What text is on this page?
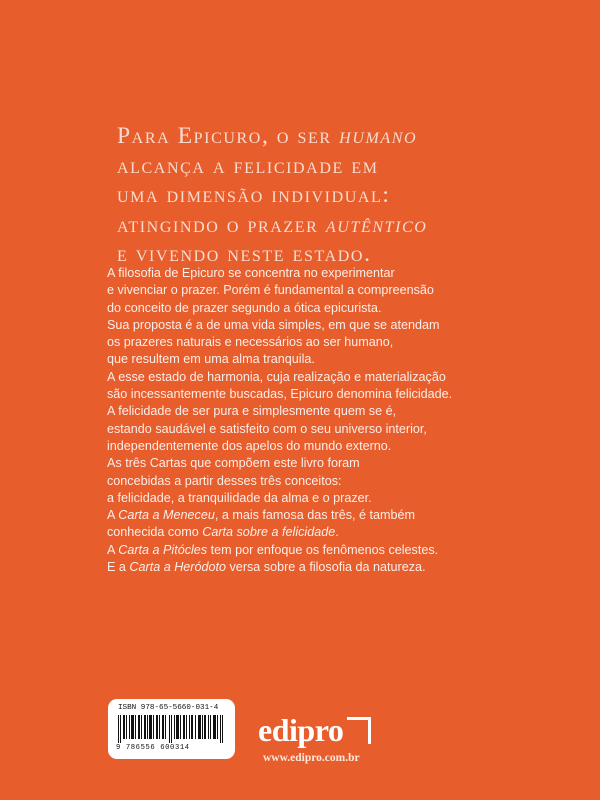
Para Epicuro, o ser humano
alcança a felicidade em
uma dimensão individual:
atingindo o prazer autêntico
e vivendo neste estado.
A filosofia de Epicuro se concentra no experimentar
e vivenciar o prazer. Porém é fundamental a compreensão
do conceito de prazer segundo a ótica epicurista.
Sua proposta é a de uma vida simples, em que se atendam
os prazeres naturais e necessários ao ser humano,
que resultem em uma alma tranquila.
A esse estado de harmonia, cuja realização e materialização
são incessantemente buscadas, Epicuro denomina felicidade.
A felicidade de ser pura e simplesmente quem se é,
estando saudável e satisfeito com o seu universo interior,
independentemente dos apelos do mundo externo.
As três Cartas que compõem este livro foram
concebidas a partir desses três conceitos:
a felicidade, a tranquilidade da alma e o prazer.
A Carta a Meneceu, a mais famosa das três, é também
conhecida como Carta sobre a felicidade.
A Carta a Pitócles tem por enfoque os fenômenos celestes.
E a Carta a Heródoto versa sobre a filosofia da natureza.
ISBN 978-65-5660-031-4
9 786556 600314	edipro
www.edipro.com.br
